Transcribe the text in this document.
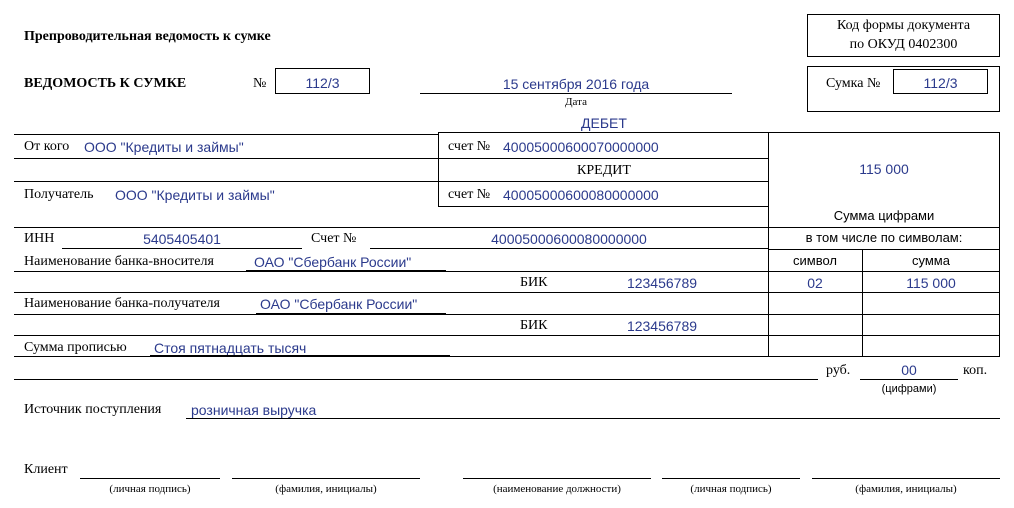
Код формы документа
по ОКУД 0402300
Препроводительная ведомость к сумке
ВЕДОМОСТЬ К СУМКЕ	№	112/3	15 сентября 2016 года
Дата
Сумка №	112/3
ДЕБЕТ
От кого ООО "Кредиты и займы"	счет № 40005000600070000000
КРЕДИТ	115 000
Сумма цифрами
Получатель ООО "Кредиты и займы"	счет № 40005000600080000000
ИНН	5405405401	Счет №	40005000600080000000	в том числе по символам:
символ	сумма
02	115 000
Наименование банка-вносителя	ОАО "Сбербанк России"
БИК	123456789
Наименование банка-получателя	ОАО "Сбербанк России"
БИК	123456789
Сумма прописью Стоя пятнадцать тысяч
руб.	00	коп.
(цифрами)
Источник поступления розничная выручка
Клиент
(личная подпись)	(фамилия, инициалы)	(наименование должности)	(личная подпись)	(фамилия, инициалы)
